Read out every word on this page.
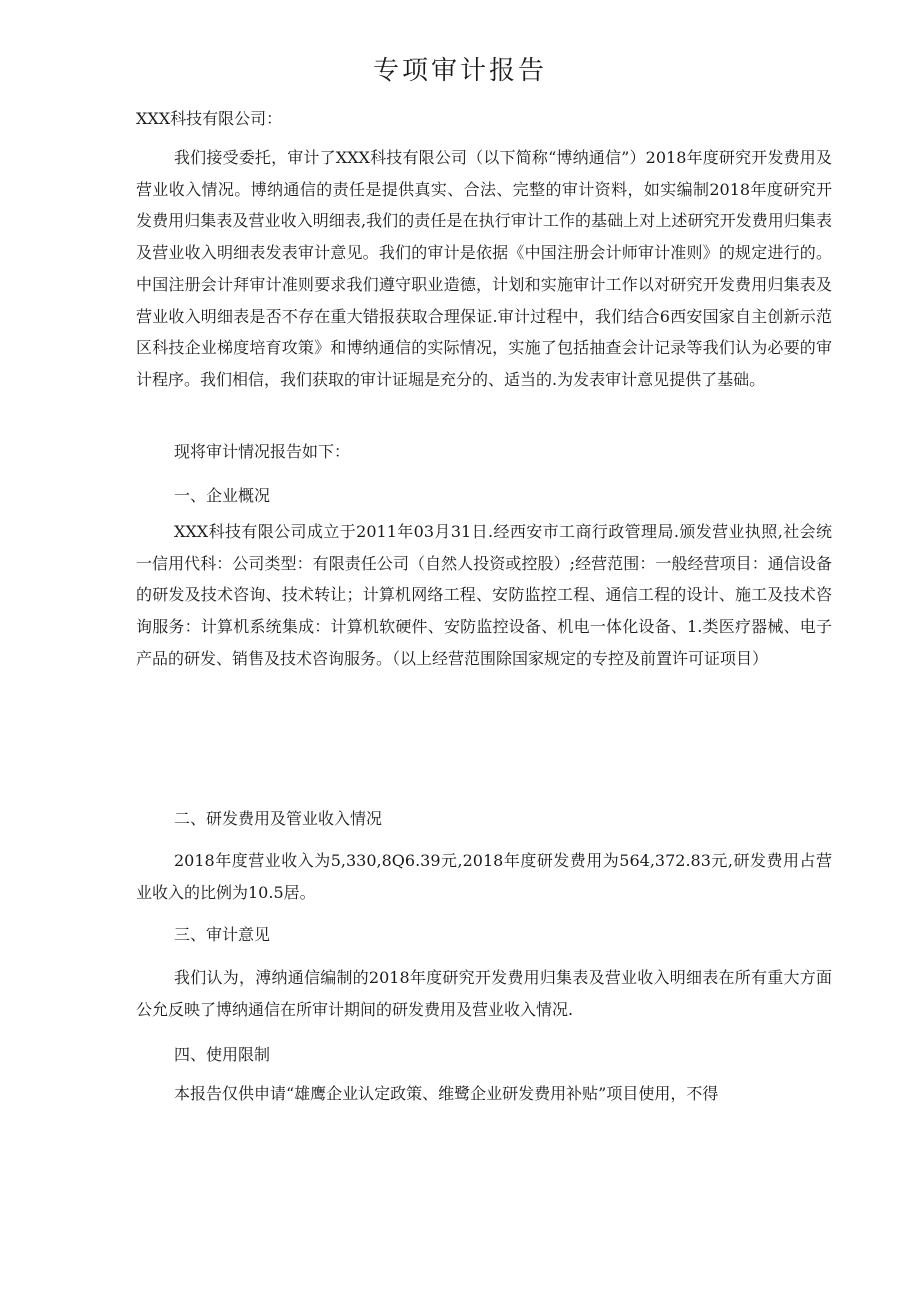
专项审计报告

XXX科技有限公司：

我们接受委托，审计了XXX科技有限公司（以下简称“博纳通信”）2018年度研究开发费用及营业收入情况。博纳通信的责任是提供真实、合法、完整的审计资料，如实编制2018年度研究开发费用归集表及营业收入明细表,我们的责任是在执行审计工作的基础上对上述研究开发费用归集表及营业收入明细表发表审计意见。我们的审计是依据《中国注册会计师审计准则》的规定进行的。中国注册会计拜审计准则要求我们遵守职业造德，计划和实施审计工作以对研究开发费用归集表及营业收入明细表是否不存在重大错报获取合理保证.审计过程中，我们结合6西安国家自主创新示范区科技企业梯度培育攻策》和博纳通信的实际情况，实施了包括抽查会计记录等我们认为必要的审计程序。我们相信，我们获取的审计证堀是充分的、适当的.为发表审计意见提供了基础。

现将审计情况报告如下：

一、企业概况

XXX科技有限公司成立于2011年03月31日.经西安市工商行政管理局.颁发营业执照,社会统一信用代科：公司类型：有限责任公司（自然人投资或控股）;经营范围：一般经营项目：通信设备的研发及技术咨询、技术转让；计算机网络工程、安防监控工程、通信工程的设计、施工及技术咨询服务：计算机系统集成：计算机软硬件、安防监控设备、机电一体化设备、1.类医疗器械、电子产品的研发、销售及技术咨询服务。（以上经营范围除国家规定的专控及前置许可证项目）

二、研发费用及管业收入情况

2018年度营业收入为5,330,8Q6.39元,2018年度研发费用为564,372.83元,研发费用占营业收入的比例为10.5居。

三、审计意见

我们认为，溥纳通信编制的2018年度研究开发费用归集表及营业收入明细表在所有重大方面公允反映了博纳通信在所审计期间的研发费用及营业收入情况.

四、使用限制

本报告仅供申请“雄鹰企业认定政策、维鹭企业研发费用补贴”项目使用，不得
